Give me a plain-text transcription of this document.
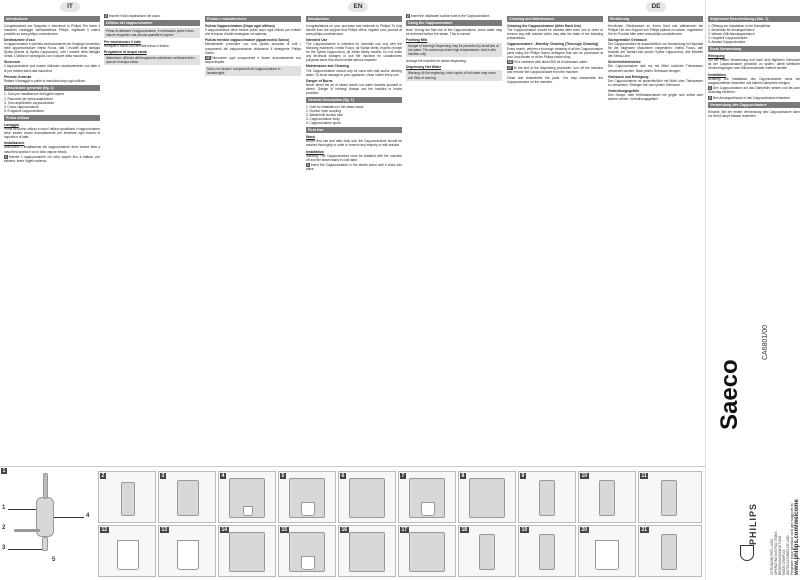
IT
Introduzione
Congratulazioni per l'acquisto e benvenuti in Philips! Per trarre il massimo vantaggio dall'assistenza Philips, registrate il vostro prodotto su www.philips.com/welcome.
Destinazione d'uso
Il cappuccinatore è previsto esclusivamente per l'impiego domestico nelle apparecchiature Intelia Focus, tutti i modelli della famiglia Syntia (tranne la Syntia Cappuccino), tutti i modelli della famiglia Xelsis. L'utilizzo è conseguito con il vapore della macchina.
Sicurezza
Il cappuccinatore può essere utilizzato esclusivamente con latte o tè per evitare danni alla macchina.
Periodo d'utenza
Settare il dosaggio e pulire la macchina dopo ogni utilizzo.
Descrizione generale (fig. 1)
1. Tubo per installazione dell'ugello vapore
2. Raccordo per presa aspirazione
3. Tubo aspirazione cappuccinatore
4. Corpo cappuccinatore
5. Erogatore cappuccinatore
Primo utilizzo
Lavaggio
Prima del primo utilizzo e dopo l'utilizzo quotidiano il cappuccinatore deve essere lavato accuratamente per eliminare ogni traccia di impurità e di latte.
Installazione
Attenzione! L'installazione del cappuccinatore deve essere fatta a macchina spenta e con il tubo vapore freddo.
1 Inserire il cappuccinatore nel tubo vapore fino a battuta, per estrarre, tirare l'ugello esterno.
2 Inserire il tubo aspirazione nel corpo.
Utilizzo del cappuccinatore
Prima di utilizzare il cappuccinatore, è necessario pulire il tubo vapore erogando una piccola quantità di vapore.
Per emulsionare il latte
Riempire il bricco con del latte fresco e freddo.
Erogazione di acqua calda
Attenzione: all'inizio dell'erogazione potrebbero verificarsi brevi spruzzi di acqua calda.
Pulizia e manutenzione
Pulizia Cappuccinatore (Dopo ogni utilizzo)
Il cappuccinatore deve essere pulito dopo ogni utilizzo per evitare che le tracce di latte rimangano nel sistema.
Pulizia mensile cappuccinatore (apparecchio Saeco)
Mensilmente procedere con una pulizia accurata di tutti i componenti del cappuccinatore utilizzando il detergente Philips Saeco.
13 Rimuovere ogni componente e lavare accuratamente con acqua tiepida.
Nota: non lavare i componenti del cappuccinatore in lavastoviglie.
EN
Introduction
Congratulations on your purchase and welcome to Philips! To fully benefit from the support that Philips offers, register your product at www.philips.com/welcome.
Intended Use
The Cappuccinatore is intended for domestic use only with the following machines: Intelia Focus, all Syntia family models (except for the Syntia Cappuccino), all Xelsis family models. Do not make any technical changes or use the machine for unauthorized purposes since this would create serious hazards!
Maintenance and Cleaning
The Cappuccinatore should only be used with milk and/or drinking water. To avoid damage to your appliance, clean it after every use.
Danger of Burns
Never direct the jet of steam and/or hot water towards yourself or others. Danger of burning! Always use the handles or knobs provided.
General Description (fig. 1)
1. Hole for installation in the steam wand
2. Suction hose coupling
3. Waste/milk suction tube
4. Cappuccinatore body
5. Cappuccinatore spout
First Use
Wash
Before first use and after daily use, the Cappuccinatore should be washed thoroughly in order to remove any impurity or milk residue.
Installation
Warning! The Cappuccinatore must be installed with the machine off and the steam wand in cold state.
1 Insert the Cappuccinatore in the steam wand until it clicks into place.
2 Insert the milk/water suction tube in the Cappuccinatore.
Using the Cappuccinatore
Note: During the first use of the Cappuccinatore, some water may be delivered before the steam. This is normal.
Frothing Milk
Danger of burning! Dispensing may be preceded by small jets of hot water. The wand may reach high temperatures: hold it with handles only.
Arrange the machine for steam dispensing.
Dispensing Hot Water
Warning: At the beginning, short spurts of hot water may come out. Risk of burning.
Cleaning and Maintenance
Cleaning the Cappuccinatore (After Each Use)
The Cappuccinatore should be cleaned after each use in order to remove any milk residue which may alter the taste of the following preparations.
Cappuccinatore - Monthly Cleaning (Thorough Cleaning)
Every month, perform a thorough cleaning of all the Cappuccinatore parts using the Philips Saeco detergent that can be purchased at your local dealer or at the Philips online shop.
13 Fill a container with about 500 ml of lukewarm water.
17 At the end of the dispensing procedure, turn off the machine and remove the Cappuccinatore from the machine.
Clean and reassemble the parts. You may reassemble the Cappuccinatore on the machine.
DE
Einführung
Herzlichen Glückwunsch zu Ihrem Kauf und willkommen bei Philips! Um den Support von Philips optimal zu nutzen, registrieren Sie Ihr Produkt bitte unter www.philips.com/welcome.
Sachgemäßer Gebrauch
Der Cappuccinatore ist ausschließlich zur Verwendung im Haushalt für die folgenden Maschinen vorgesehen: Intelia Focus, alle Modelle der Syntia-Linie (außer Syntia Cappuccino), alle Modelle der Xelsis-Linie.
Sicherheitshinweise
Der Cappuccinatore darf nur mit Milch und/oder Trinkwasser verwendet werden. Nach jedem Gebrauch reinigen.
Gebrauch und Reinigung
Der Cappuccinatore ist ausschließlich mit Milch oder Trinkwasser zu verwenden, Reinigen Sie nach jedem Gebrauch.
Verbrühungsgefahr
Den Dampf- oder Heißwasserstrahl nie gegen sich selbst oder andere richten. Verbrühungsgefahr!
Allgemeine Beschreibung (Abb. 1)
1. Öffnung zur Installation in der Dampfdüse
2. Anschluss für Ansaugschlauch
3. Wasser-/Milchansaugschlauch
4. Hauptteil Cappuccinatore
5. Auslauf Cappuccinatore
Erste Verwendung
Reinigung
Vor der ersten Verwendung und nach dem täglichen Gebrauch ist der Cappuccinatore gründlich zu spülen, damit sämtliche Verunreinigungen oder Milchrückstände entfernt werden.
Installation
Achtung! Die Installation des Cappuccinatore muss bei ausgeschalteter Maschine und kaltem Dampfrohr erfolgen.
1 Den Cappuccinatore auf das Dampfrohr setzen und bis zum Anschlag schieben.
2 Den Ansaugschlauch in den Cappuccinatore einsetzen.
Verwendung des Cappuccinatore
Hinweis: Bei der ersten Verwendung des Cappuccinatore kann vor dem Dampf Wasser austreten.
1
1
2
3
4
5
2	3	4	5	6	7	8	9	10	11
12	13	14	15	16	17	18	19	20	21
Saeco
PHILIPS
CA6801/00
ISTRUZIONI PER L'USO OPERATING INSTRUCTIONS BEDIENUNGSANLEITUNG MODE D'EMPLOI INSTRUCCIONES DE USO Register your product and get support at www.philips.com/welcome
